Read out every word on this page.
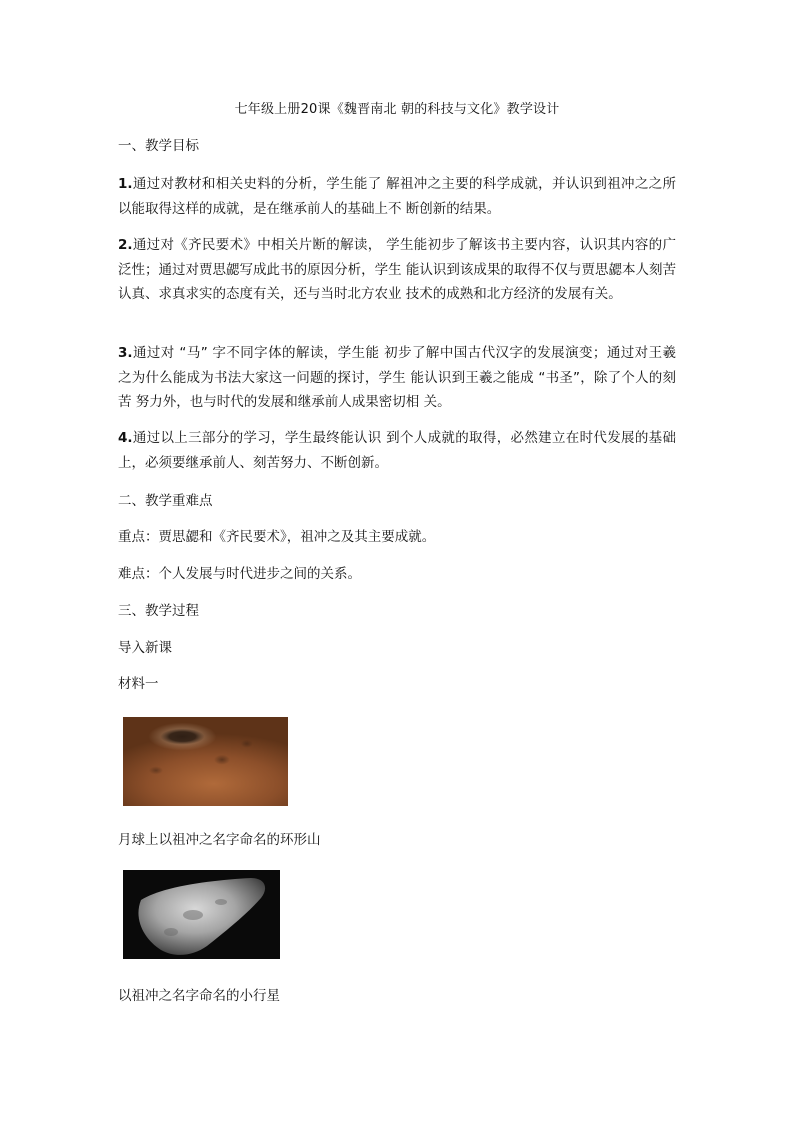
七年级上册20课《魏晋南北 朝的科技与文化》教学设计
一、教学目标
1.通过对教材和相关史料的分析，学生能了 解祖冲之主要的科学成就，并认识到祖冲之之所 以能取得这样的成就，是在继承前人的基础上不 断创新的结果。
2.通过对《齐民要术》中相关片断的解读， 学生能初步了解该书主要内容，认识其内容的广 泛性；通过对贾思勰写成此书的原因分析，学生 能认识到该成果的取得不仅与贾思勰本人刻苦 认真、求真求实的态度有关，还与当时北方农业 技术的成熟和北方经济的发展有关。
3.通过对 “马” 字不同字体的解读，学生能 初步了解中国古代汉字的发展演变；通过对王羲 之为什么能成为书法大家这一问题的探讨，学生 能认识到王羲之能成 “书圣”，除了个人的刻苦 努力外，也与时代的发展和继承前人成果密切相 关。
4.通过以上三部分的学习，学生最终能认识 到个人成就的取得，必然建立在时代发展的基础 上，必须要继承前人、刻苦努力、不断创新。
二、教学重难点
重点：贾思勰和《齐民要术》，祖冲之及其主要成就。
难点：个人发展与时代进步之间的关系。
三、教学过程
导入新课
材料一
月球上以祖冲之名字命名的环形山
以祖冲之名字命名的小行星
